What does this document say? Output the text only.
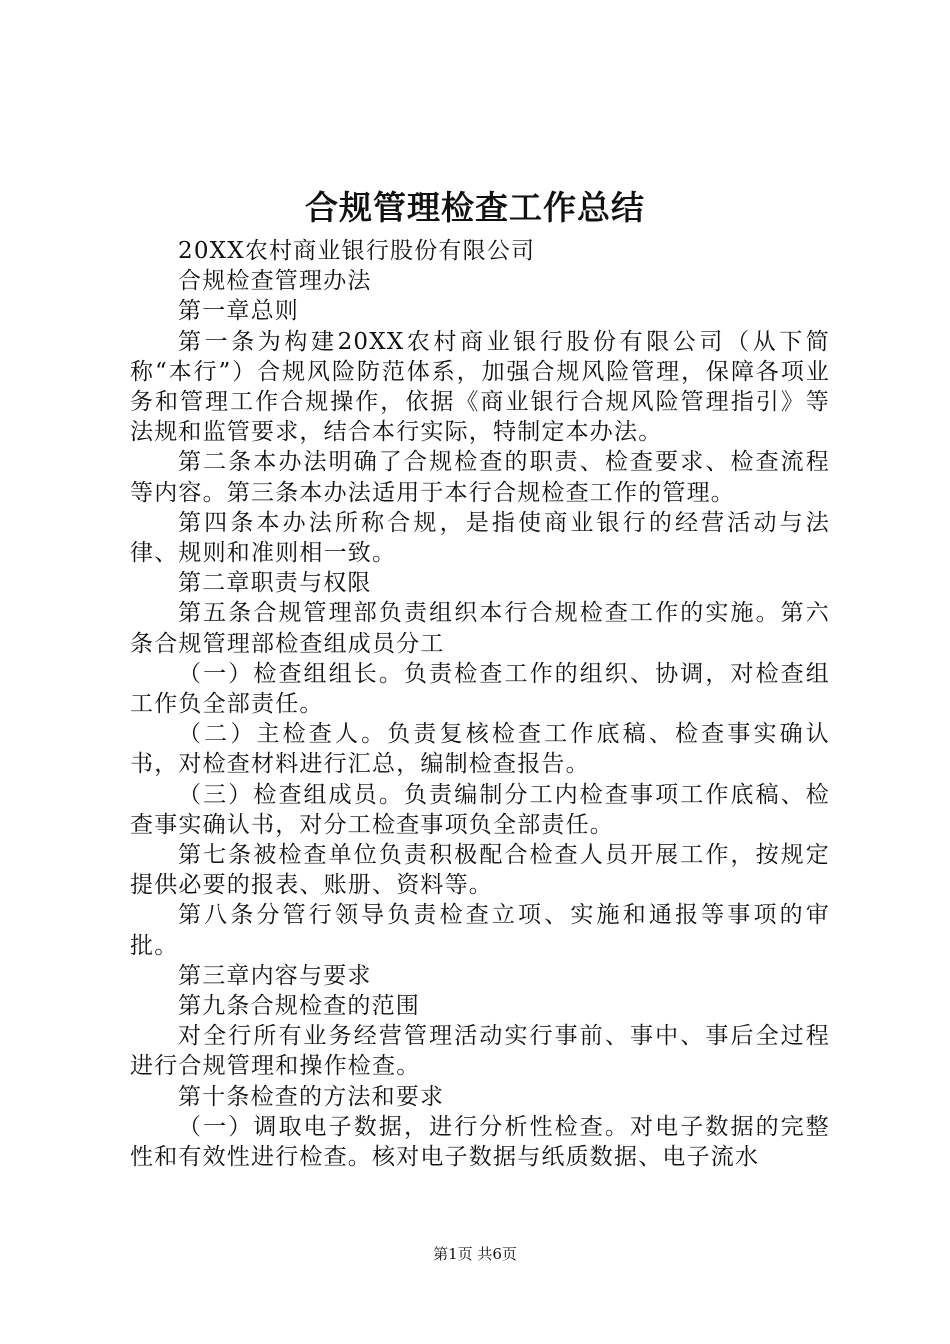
合规管理检查工作总结

20XX农村商业银行股份有限公司

合规检查管理办法

第一章总则

第一条为构建20XX农村商业银行股份有限公司（从下简称“本行”）合规风险防范体系，加强合规风险管理，保障各项业务和管理工作合规操作，依据《商业银行合规风险管理指引》等法规和监管要求，结合本行实际，特制定本办法。

第二条本办法明确了合规检查的职责、检查要求、检查流程等内容。第三条本办法适用于本行合规检查工作的管理。

第四条本办法所称合规，是指使商业银行的经营活动与法律、规则和准则相一致。

第二章职责与权限

第五条合规管理部负责组织本行合规检查工作的实施。第六条合规管理部检查组成员分工

（一）检查组组长。负责检查工作的组织、协调，对检查组工作负全部责任。

（二）主检查人。负责复核检查工作底稿、检查事实确认书，对检查材料进行汇总，编制检查报告。

（三）检查组成员。负责编制分工内检查事项工作底稿、检查事实确认书，对分工检查事项负全部责任。

第七条被检查单位负责积极配合检查人员开展工作，按规定提供必要的报表、账册、资料等。

第八条分管行领导负责检查立项、实施和通报等事项的审批。

第三章内容与要求

第九条合规检查的范围

对全行所有业务经营管理活动实行事前、事中、事后全过程进行合规管理和操作检查。

第十条检查的方法和要求

（一）调取电子数据，进行分析性检查。对电子数据的完整性和有效性进行检查。核对电子数据与纸质数据、电子流水

第1页 共6页
